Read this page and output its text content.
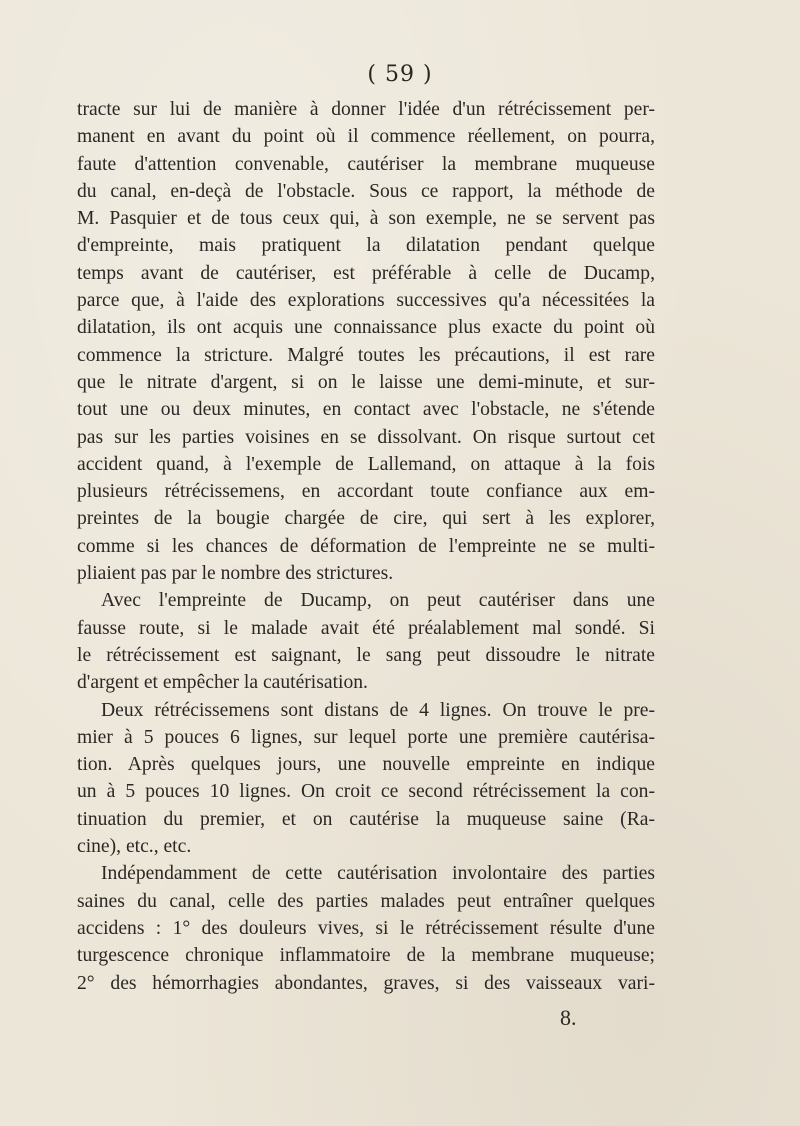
( 59 )
tracte sur lui de manière à donner l'idée d'un rétrécissement per-
manent en avant du point où il commence réellement, on pourra,
faute d'attention convenable, cautériser la membrane muqueuse
du canal, en-deçà de l'obstacle. Sous ce rapport, la méthode de
M. Pasquier et de tous ceux qui, à son exemple, ne se servent pas
d'empreinte, mais pratiquent la dilatation pendant quelque
temps avant de cautériser, est préférable à celle de Ducamp,
parce que, à l'aide des explorations successives qu'a nécessitées la
dilatation, ils ont acquis une connaissance plus exacte du point où
commence la stricture. Malgré toutes les précautions, il est rare
que le nitrate d'argent, si on le laisse une demi-minute, et sur-
tout une ou deux minutes, en contact avec l'obstacle, ne s'étende
pas sur les parties voisines en se dissolvant. On risque surtout cet
accident quand, à l'exemple de Lallemand, on attaque à la fois
plusieurs rétrécissemens, en accordant toute confiance aux em-
preintes de la bougie chargée de cire, qui sert à les explorer,
comme si les chances de déformation de l'empreinte ne se multi-
pliaient pas par le nombre des strictures.
Avec l'empreinte de Ducamp, on peut cautériser dans une
fausse route, si le malade avait été préalablement mal sondé. Si
le rétrécissement est saignant, le sang peut dissoudre le nitrate
d'argent et empêcher la cautérisation.
Deux rétrécissemens sont distans de 4 lignes. On trouve le pre-
mier à 5 pouces 6 lignes, sur lequel porte une première cautérisa-
tion. Après quelques jours, une nouvelle empreinte en indique
un à 5 pouces 10 lignes. On croit ce second rétrécissement la con-
tinuation du premier, et on cautérise la muqueuse saine (Ra-
cine), etc., etc.
Indépendamment de cette cautérisation involontaire des parties
saines du canal, celle des parties malades peut entraîner quelques
accidens : 1° des douleurs vives, si le rétrécissement résulte d'une
turgescence chronique inflammatoire de la membrane muqueuse;
2° des hémorrhagies abondantes, graves, si des vaisseaux vari-
8.
